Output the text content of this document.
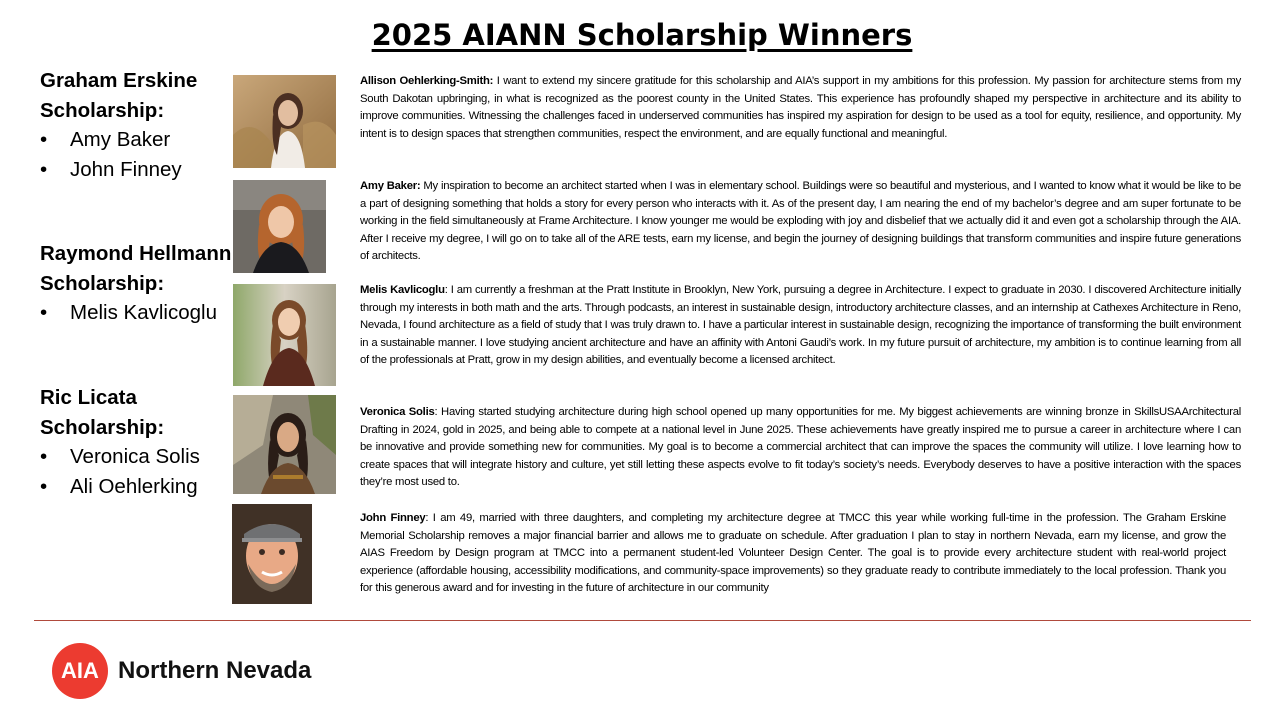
2025 AIANN Scholarship Winners
Graham Erskine
Scholarship:
• Amy Baker
• John Finney
Raymond Hellmann
Scholarship:
• Melis Kavlicoglu
Ric Licata
Scholarship:
• Veronica Solis
• Ali Oehlerking

Allison Oehlerking-Smith: I want to extend my sincere gratitude for this scholarship and AIA’s support in my ambitions for this profession. My passion for architecture stems from my South Dakotan upbringing, in what is recognized as the poorest county in the United States. This experience has profoundly shaped my perspective in architecture and its ability to improve communities. Witnessing the challenges faced in underserved communities has inspired my aspiration for design to be used as a tool for equity, resilience, and opportunity. My intent is to design spaces that strengthen communities, respect the environment, and are equally functional and meaningful.

Amy Baker: My inspiration to become an architect started when I was in elementary school. Buildings were so beautiful and mysterious, and I wanted to know what it would be like to be a part of designing something that holds a story for every person who interacts with it. As of the present day, I am nearing the end of my bachelor’s degree and am super fortunate to be working in the field simultaneously at Frame Architecture. I know younger me would be exploding with joy and disbelief that we actually did it and even got a scholarship through the AIA. After I receive my degree, I will go on to take all of the ARE tests, earn my license, and begin the journey of designing buildings that transform communities and inspire future generations of architects.

Melis Kavlicoglu: I am currently a freshman at the Pratt Institute in Brooklyn, New York, pursuing a degree in Architecture. I expect to graduate in 2030. I discovered Architecture initially through my interests in both math and the arts. Through podcasts, an interest in sustainable design, introductory architecture classes, and an internship at Cathexes Architecture in Reno, Nevada, I found architecture as a field of study that I was truly drawn to. I have a particular interest in sustainable design, recognizing the importance of transforming the built environment in a sustainable manner. I love studying ancient architecture and have an affinity with Antoni Gaudi’s work. In my future pursuit of architecture, my ambition is to continue learning from all of the professionals at Pratt, grow in my design abilities, and eventually become a licensed architect.

Veronica Solis: Having started studying architecture during high school opened up many opportunities for me. My biggest achievements are winning bronze in SkillsUSAArchitectural Drafting in 2024, gold in 2025, and being able to compete at a national level in June 2025. These achievements have greatly inspired me to pursue a career in architecture where I can be innovative and provide something new for communities. My goal is to become a commercial architect that can improve the spaces the community will utilize. I love learning how to create spaces that will integrate history and culture, yet still letting these aspects evolve to fit today’s society’s needs. Everybody deserves to have a positive interaction with the spaces they’re most used to.

John Finney: I am 49, married with three daughters, and completing my architecture degree at TMCC this year while working full-time in the profession. The Graham Erskine Memorial Scholarship removes a major financial barrier and allows me to graduate on schedule. After graduation I plan to stay in northern Nevada, earn my license, and grow the AIAS Freedom by Design program at TMCC into a permanent student-led Volunteer Design Center. The goal is to provide every architecture student with real-world project experience (affordable housing, accessibility modifications, and community-space improvements) so they graduate ready to contribute immediately to the local profession. Thank you for this generous award and for investing in the future of architecture in our community

AIA Northern Nevada
